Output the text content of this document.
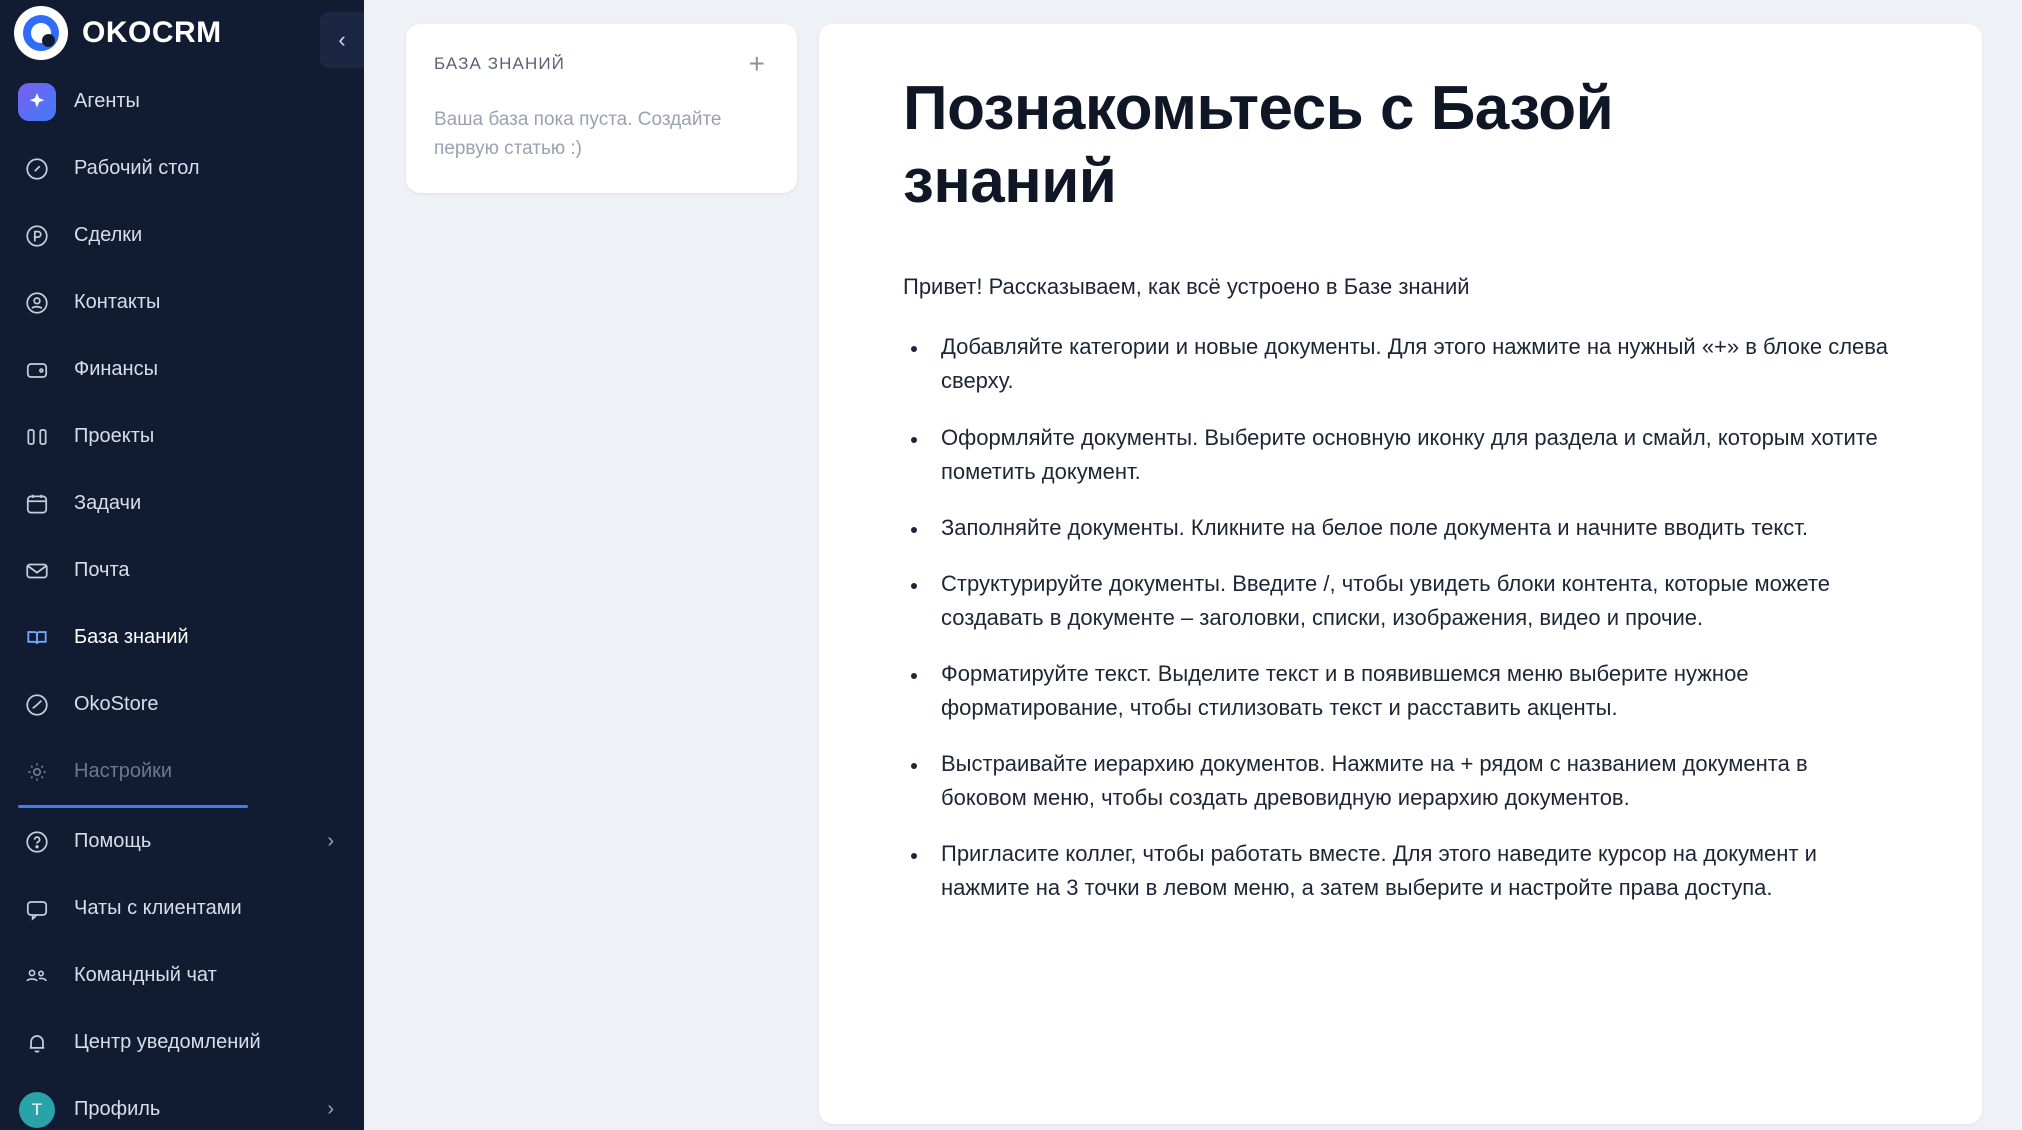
OKOCRM	‹
Агенты
Рабочий стол
Сделки
Контакты
Финансы
Проекты
Задачи
Почта
База знаний
OkoStore
Настройки
Помощь	›
Чаты с клиентами
Командный чат
Центр уведомлений
Т	Профиль	›
БАЗА ЗНАНИЙ	+
Ваша база пока пуста. Создайте первую статью :)
Познакомьтесь с Базой знаний

Привет! Рассказываем, как всё устроено в Базе знаний

• Добавляйте категории и новые документы. Для этого нажмите на нужный «+» в блоке слева сверху.
• Оформляйте документы. Выберите основную иконку для раздела и смайл, которым хотите пометить документ.
• Заполняйте документы. Кликните на белое поле документа и начните вводить текст.
• Структурируйте документы. Введите /, чтобы увидеть блоки контента, которые можете создавать в документе – заголовки, списки, изображения, видео и прочие.
• Форматируйте текст. Выделите текст и в появившемся меню выберите нужное форматирование, чтобы стилизовать текст и расставить акценты.
• Выстраивайте иерархию документов. Нажмите на + рядом с названием документа в боковом меню, чтобы создать древовидную иерархию документов.
• Пригласите коллег, чтобы работать вместе. Для этого наведите курсор на документ и нажмите на 3 точки в левом меню, а затем выберите и настройте права доступа.
